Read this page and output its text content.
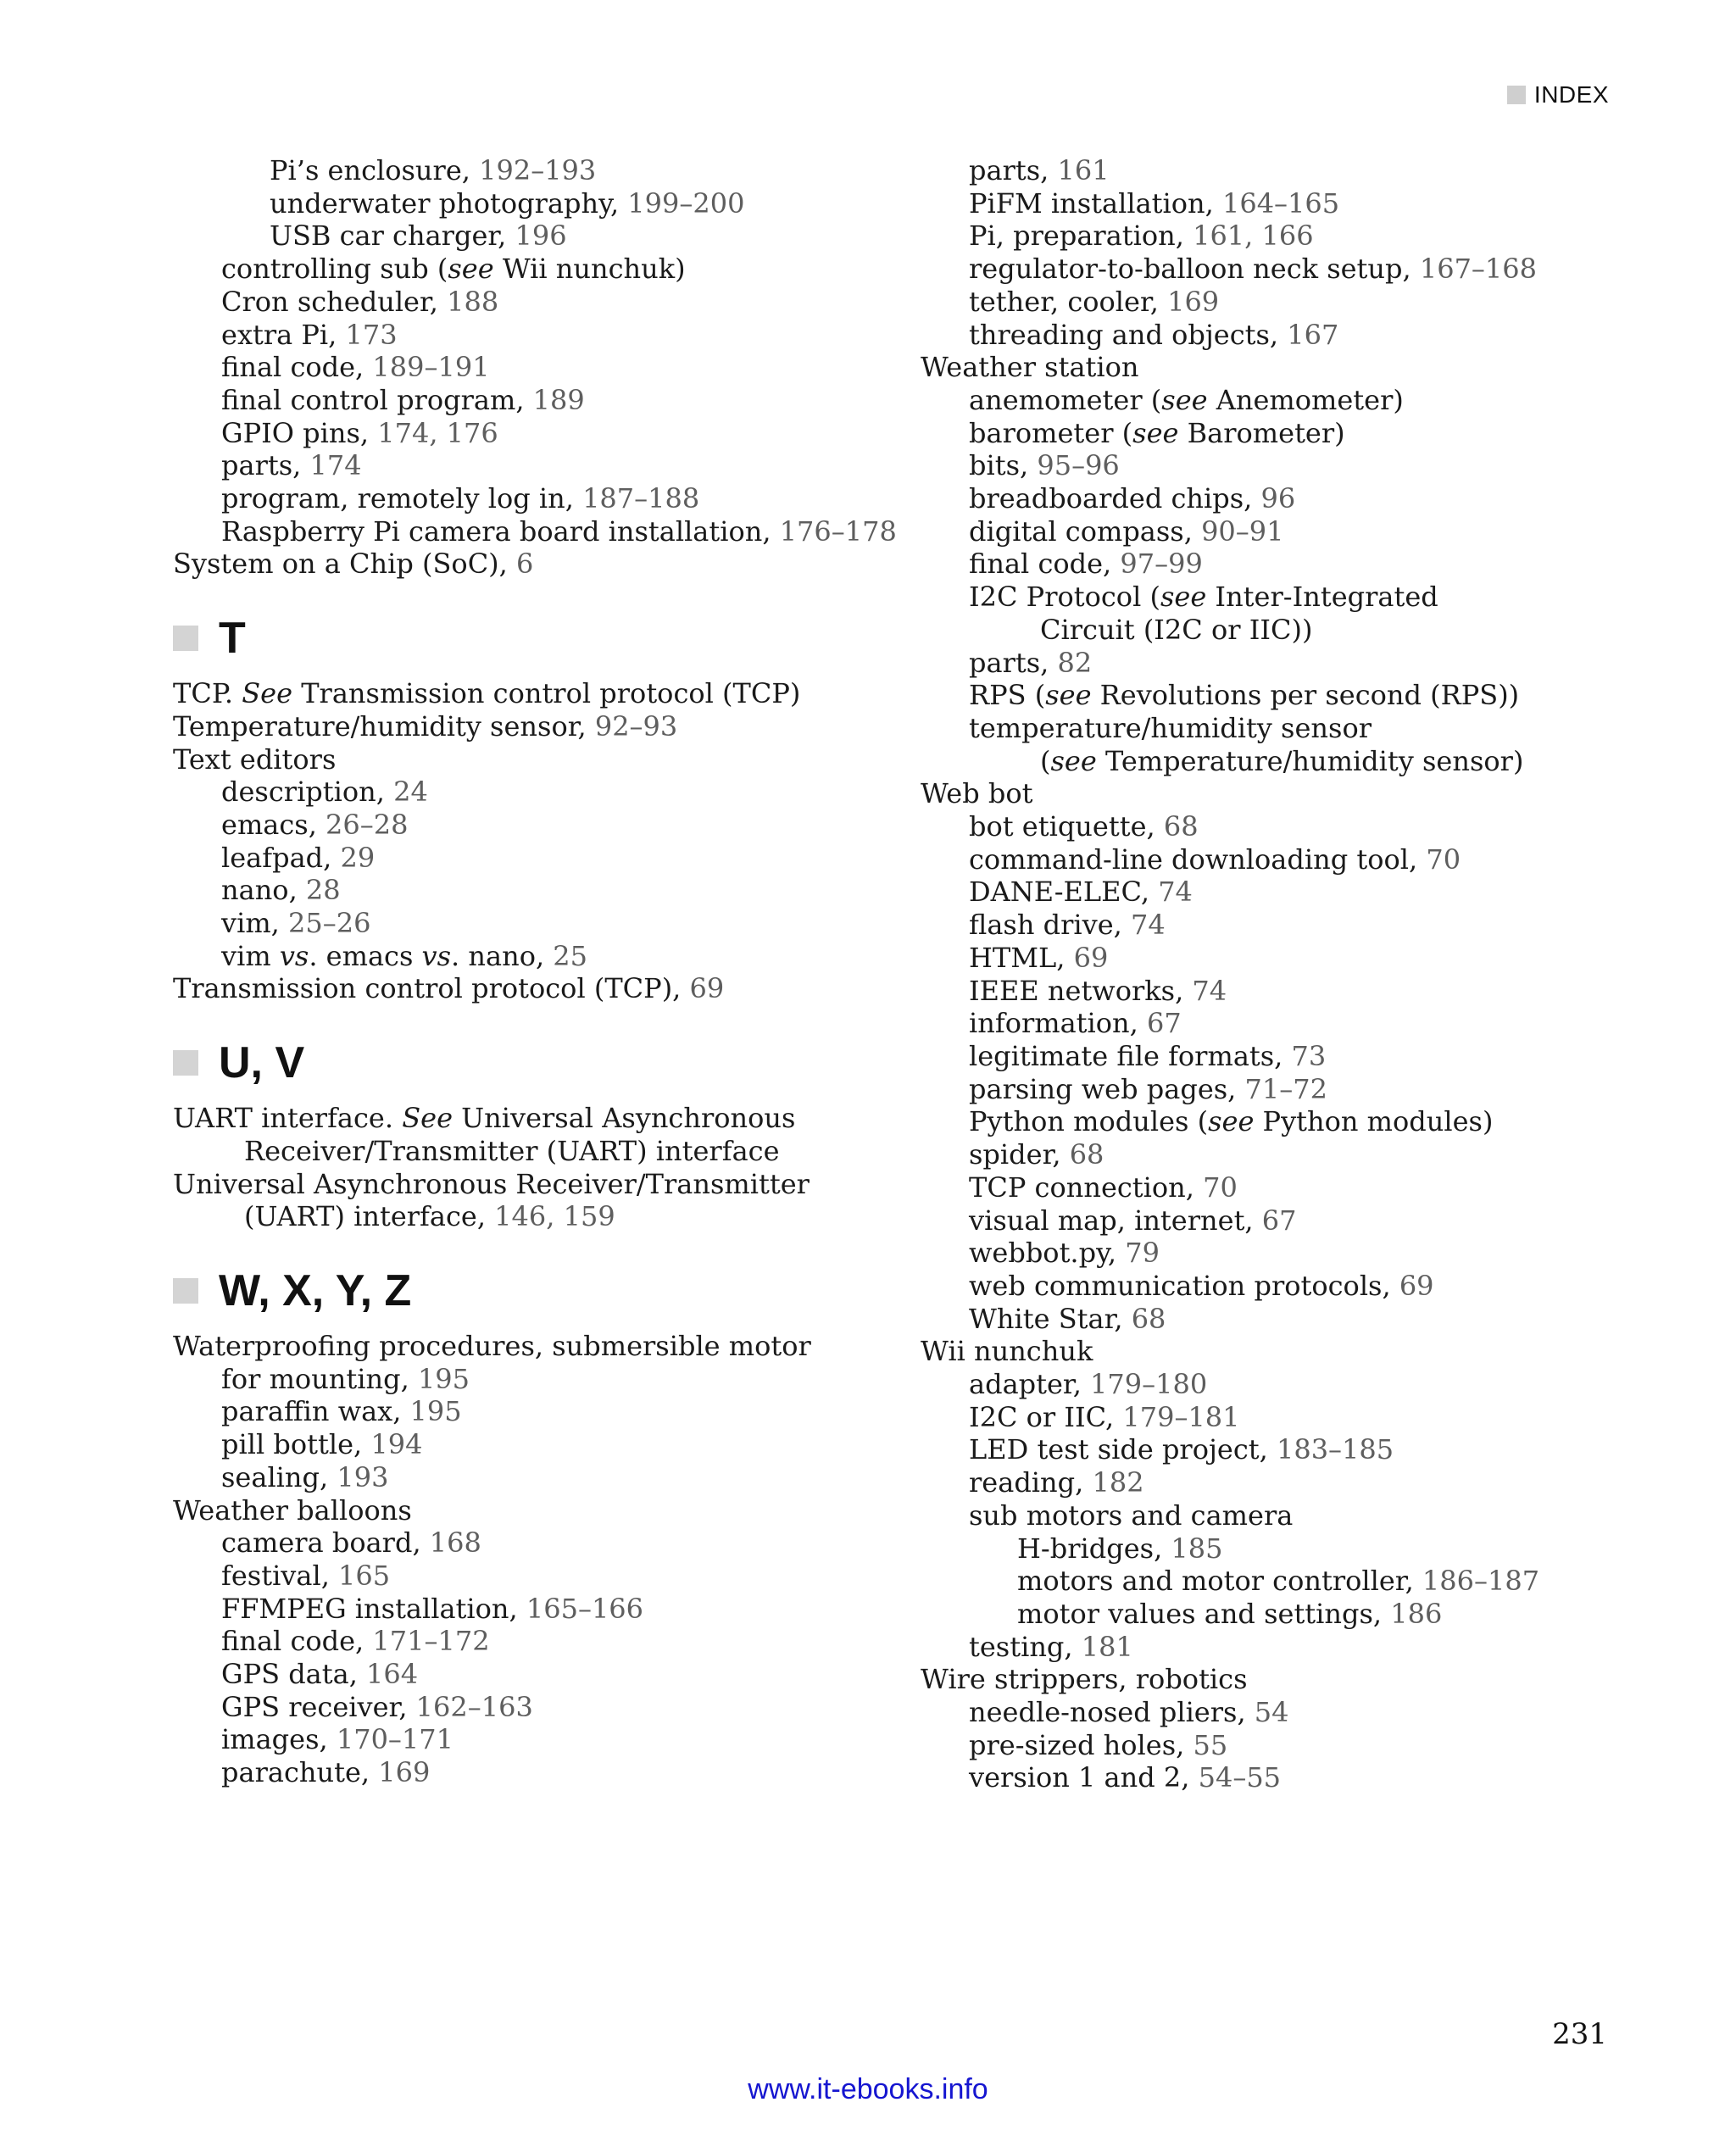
INDEX
Pi’s enclosure, 192–193
underwater photography, 199–200
USB car charger, 196
controlling sub (see Wii nunchuk)
Cron scheduler, 188
extra Pi, 173
final code, 189–191
final control program, 189
GPIO pins, 174, 176
parts, 174
program, remotely log in, 187–188
Raspberry Pi camera board installation, 176–178
System on a Chip (SoC), 6
T
TCP. See Transmission control protocol (TCP)
Temperature/humidity sensor, 92–93
Text editors
description, 24
emacs, 26–28
leafpad, 29
nano, 28
vim, 25–26
vim vs. emacs vs. nano, 25
Transmission control protocol (TCP), 69
U, V
UART interface. See Universal Asynchronous
Receiver/Transmitter (UART) interface
Universal Asynchronous Receiver/Transmitter
(UART) interface, 146, 159
W, X, Y, Z
Waterproofing procedures, submersible motor
for mounting, 195
paraffin wax, 195
pill bottle, 194
sealing, 193
Weather balloons
camera board, 168
festival, 165
FFMPEG installation, 165–166
final code, 171–172
GPS data, 164
GPS receiver, 162–163
images, 170–171
parachute, 169
parts, 161
PiFM installation, 164–165
Pi, preparation, 161, 166
regulator-to-balloon neck setup, 167–168
tether, cooler, 169
threading and objects, 167
Weather station
anemometer (see Anemometer)
barometer (see Barometer)
bits, 95–96
breadboarded chips, 96
digital compass, 90–91
final code, 97–99
I2C Protocol (see Inter-Integrated
Circuit (I2C or IIC))
parts, 82
RPS (see Revolutions per second (RPS))
temperature/humidity sensor
(see Temperature/humidity sensor)
Web bot
bot etiquette, 68
command-line downloading tool, 70
DANE-ELEC, 74
flash drive, 74
HTML, 69
IEEE networks, 74
information, 67
legitimate file formats, 73
parsing web pages, 71–72
Python modules (see Python modules)
spider, 68
TCP connection, 70
visual map, internet, 67
webbot.py, 79
web communication protocols, 69
White Star, 68
Wii nunchuk
adapter, 179–180
I2C or IIC, 179–181
LED test side project, 183–185
reading, 182
sub motors and camera
H-bridges, 185
motors and motor controller, 186–187
motor values and settings, 186
testing, 181
Wire strippers, robotics
needle-nosed pliers, 54
pre-sized holes, 55
version 1 and 2, 54–55
231
www.it-ebooks.info
